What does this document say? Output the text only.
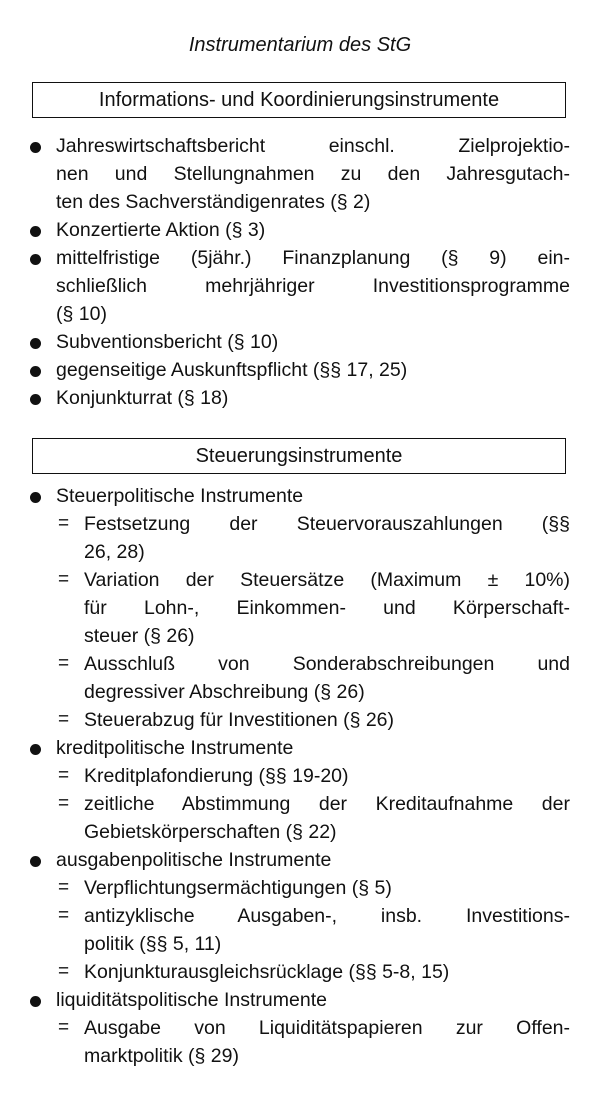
Instrumentarium des StG
Informations- und Koordinierungsinstrumente
Jahreswirtschaftsbericht einschl. Zielprojektio-
nen und Stellungnahmen zu den Jahresgutach-
ten des Sachverständigenrates (§ 2)
Konzertierte Aktion (§ 3)
mittelfristige (5jähr.) Finanzplanung (§ 9) ein-
schließlich mehrjähriger Investitionsprogramme
(§ 10)
Subventionsbericht (§ 10)
gegenseitige Auskunftspflicht (§§ 17, 25)
Konjunkturrat (§ 18)
Steuerungsinstrumente
Steuerpolitische Instrumente
= Festsetzung der Steuervorauszahlungen (§§
26, 28)
= Variation der Steuersätze (Maximum ± 10%)
für Lohn-, Einkommen- und Körperschaft-
steuer (§ 26)
= Ausschluß von Sonderabschreibungen und
degressiver Abschreibung (§ 26)
= Steuerabzug für Investitionen (§ 26)
kreditpolitische Instrumente
= Kreditplafondierung (§§ 19-20)
= zeitliche Abstimmung der Kreditaufnahme der
Gebietskörperschaften (§ 22)
ausgabenpolitische Instrumente
= Verpflichtungsermächtigungen (§ 5)
= antizyklische Ausgaben-, insb. Investitions-
politik (§§ 5, 11)
= Konjunkturausgleichsrücklage (§§ 5-8, 15)
liquiditätspolitische Instrumente
= Ausgabe von Liquiditätspapieren zur Offen-
marktpolitik (§ 29)
